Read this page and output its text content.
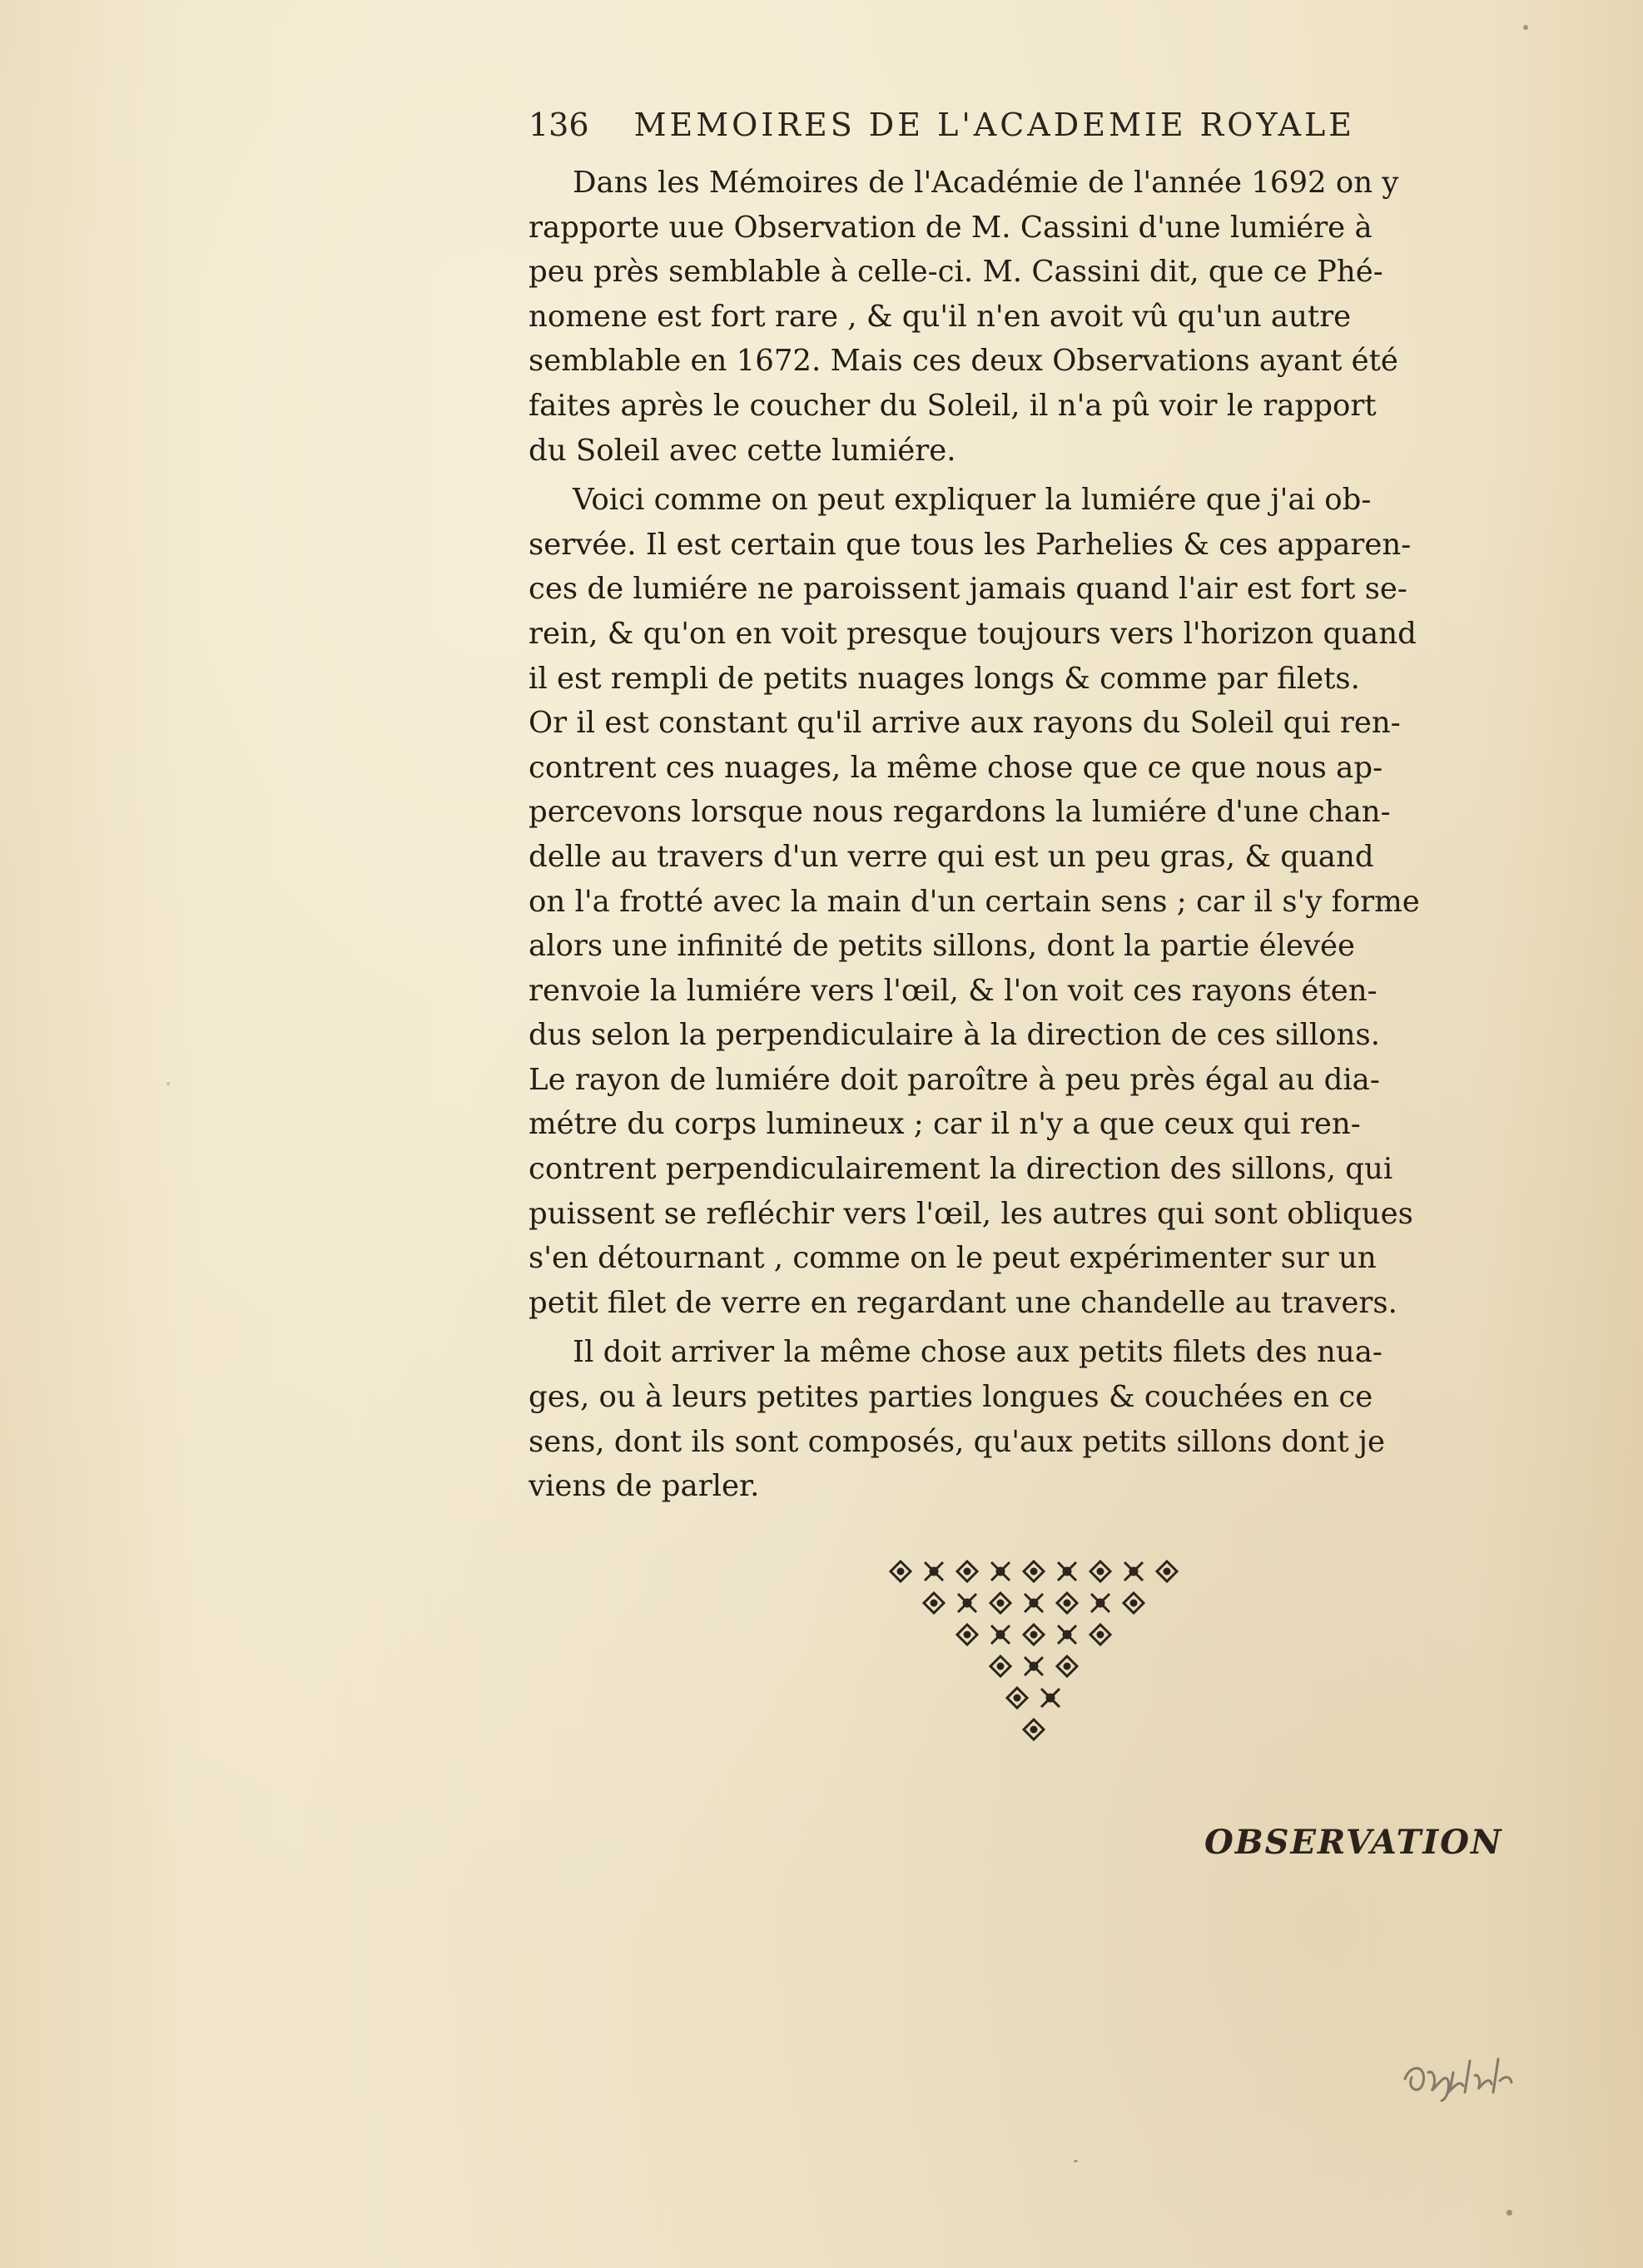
136 MEMOIRES DE L'ACADEMIE ROYALE
Dans les Mémoires de l'Académie de l'année 1692 on y
rapporte uue Observation de M. Cassini d'une lumiére à
peu près semblable à celle-ci. M. Cassini dit, que ce Phé-
nomene est fort rare , & qu'il n'en avoit vû qu'un autre
semblable en 1672. Mais ces deux Observations ayant été
faites après le coucher du Soleil, il n'a pû voir le rapport
du Soleil avec cette lumiére.
Voici comme on peut expliquer la lumiére que j'ai ob-
servée. Il est certain que tous les Parhelies & ces apparen-
ces de lumiére ne paroissent jamais quand l'air est fort se-
rein, & qu'on en voit presque toujours vers l'horizon quand
il est rempli de petits nuages longs & comme par filets.
Or il est constant qu'il arrive aux rayons du Soleil qui ren-
contrent ces nuages, la même chose que ce que nous ap-
percevons lorsque nous regardons la lumiére d'une chan-
delle au travers d'un verre qui est un peu gras, & quand
on l'a frotté avec la main d'un certain sens ; car il s'y forme
alors une infinité de petits sillons, dont la partie élevée
renvoie la lumiére vers l'œil, & l'on voit ces rayons éten-
dus selon la perpendiculaire à la direction de ces sillons.
Le rayon de lumiére doit paroître à peu près égal au dia-
métre du corps lumineux ; car il n'y a que ceux qui ren-
contrent perpendiculairement la direction des sillons, qui
puissent se refléchir vers l'œil, les autres qui sont obliques
s'en détournant , comme on le peut expérimenter sur un
petit filet de verre en regardant une chandelle au travers.
Il doit arriver la même chose aux petits filets des nua-
ges, ou à leurs petites parties longues & couchées en ce
sens, dont ils sont composés, qu'aux petits sillons dont je
viens de parler.
OBSERVATION
